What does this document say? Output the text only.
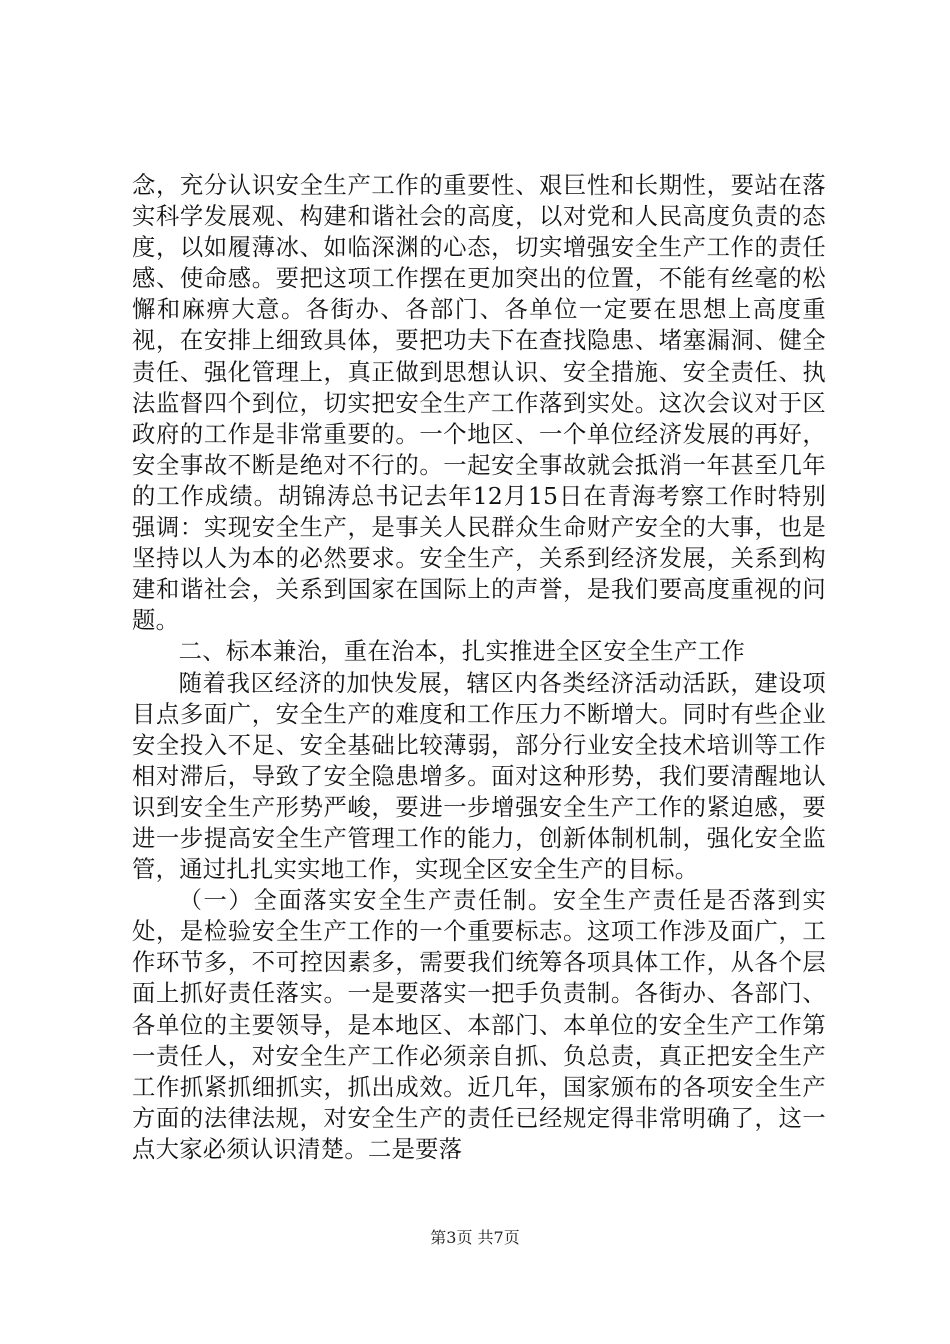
念，充分认识安全生产工作的重要性、艰巨性和长期性，要站在落实科学发展观、构建和谐社会的高度，以对党和人民高度负责的态度，以如履薄冰、如临深渊的心态，切实增强安全生产工作的责任感、使命感。要把这项工作摆在更加突出的位置，不能有丝毫的松懈和麻痹大意。各街办、各部门、各单位一定要在思想上高度重视，在安排上细致具体，要把功夫下在查找隐患、堵塞漏洞、健全责任、强化管理上，真正做到思想认识、安全措施、安全责任、执法监督四个到位，切实把安全生产工作落到实处。这次会议对于区政府的工作是非常重要的。一个地区、一个单位经济发展的再好，安全事故不断是绝对不行的。一起安全事故就会抵消一年甚至几年的工作成绩。胡锦涛总书记去年12月15日在青海考察工作时特别强调：实现安全生产，是事关人民群众生命财产安全的大事，也是坚持以人为本的必然要求。安全生产，关系到经济发展，关系到构建和谐社会，关系到国家在国际上的声誉，是我们要高度重视的问题。

二、标本兼治，重在治本，扎实推进全区安全生产工作

随着我区经济的加快发展，辖区内各类经济活动活跃，建设项目点多面广，安全生产的难度和工作压力不断增大。同时有些企业安全投入不足、安全基础比较薄弱，部分行业安全技术培训等工作相对滞后，导致了安全隐患增多。面对这种形势，我们要清醒地认识到安全生产形势严峻，要进一步增强安全生产工作的紧迫感，要进一步提高安全生产管理工作的能力，创新体制机制，强化安全监管，通过扎扎实实地工作，实现全区安全生产的目标。

（一）全面落实安全生产责任制。安全生产责任是否落到实处，是检验安全生产工作的一个重要标志。这项工作涉及面广，工作环节多，不可控因素多，需要我们统筹各项具体工作，从各个层面上抓好责任落实。一是要落实一把手负责制。各街办、各部门、各单位的主要领导，是本地区、本部门、本单位的安全生产工作第一责任人，对安全生产工作必须亲自抓、负总责，真正把安全生产工作抓紧抓细抓实，抓出成效。近几年，国家颁布的各项安全生产方面的法律法规，对安全生产的责任已经规定得非常明确了，这一点大家必须认识清楚。二是要落

第3页 共7页
